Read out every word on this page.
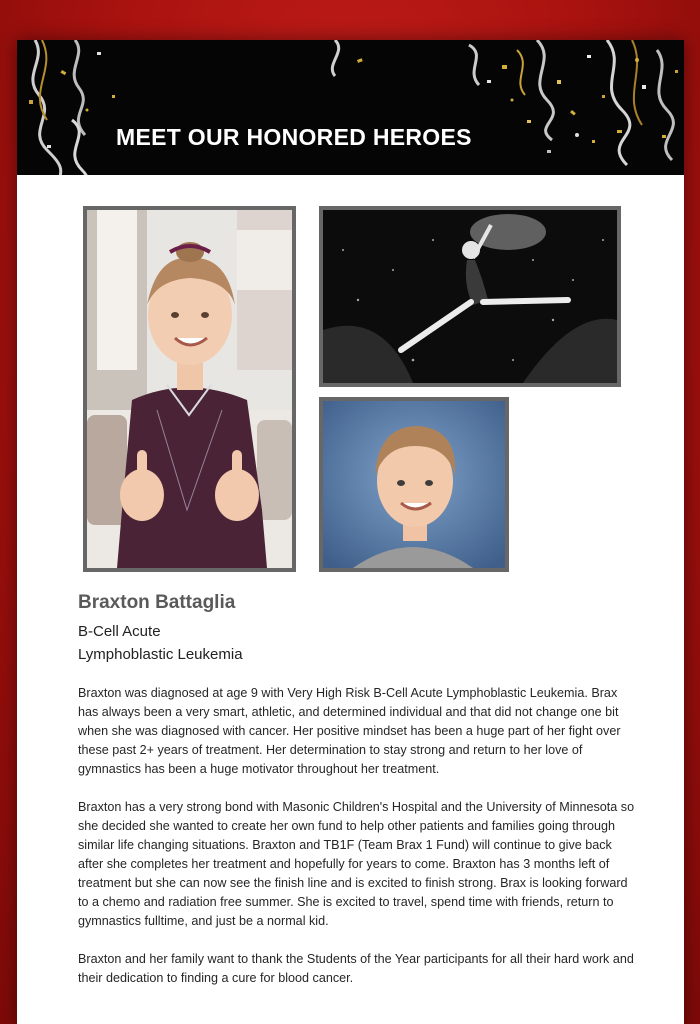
MEET OUR HONORED HEROES
Braxton Battaglia
B-Cell Acute
Lymphoblastic Leukemia

Braxton was diagnosed at age 9 with Very High Risk B-Cell Acute Lymphoblastic Leukemia. Brax has always been a very smart, athletic, and determined individual and that did not change one bit when she was diagnosed with cancer. Her positive mindset has been a huge part of her fight over these past 2+ years of treatment. Her determination to stay strong and return to her love of gymnastics has been a huge motivator throughout her treatment.

Braxton has a very strong bond with Masonic Children's Hospital and the University of Minnesota so she decided she wanted to create her own fund to help other patients and families going through similar life changing situations. Braxton and TB1F (Team Brax 1 Fund) will continue to give back after she completes her treatment and hopefully for years to come. Braxton has 3 months left of treatment but she can now see the finish line and is excited to finish strong. Brax is looking forward to a chemo and radiation free summer. She is excited to travel, spend time with friends, return to gymnastics fulltime, and just be a normal kid.

Braxton and her family want to thank the Students of the Year participants for all their hard work and their dedication to finding a cure for blood cancer.
